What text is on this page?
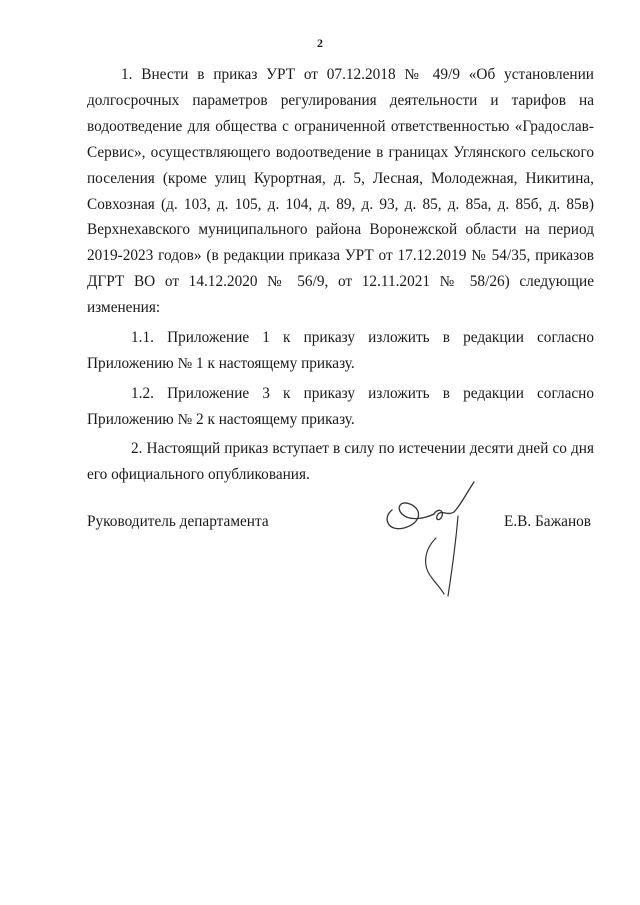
2

1. Внести в приказ УРТ от 07.12.2018 № 49/9 «Об установлении долгосрочных параметров регулирования деятельности и тарифов на водоотведение для общества с ограниченной ответственностью «Градослав-Сервис», осуществляющего водоотведение в границах Углянского сельского поселения (кроме улиц Курортная, д. 5, Лесная, Молодежная, Никитина, Совхозная (д. 103, д. 105, д. 104, д. 89, д. 93, д. 85, д. 85а, д. 85б, д. 85в) Верхнехавского муниципального района Воронежской области на период 2019-2023 годов» (в редакции приказа УРТ от 17.12.2019 № 54/35, приказов ДГРТ ВО от 14.12.2020 № 56/9, от 12.11.2021 № 58/26) следующие изменения:

1.1. Приложение 1 к приказу изложить в редакции согласно Приложению № 1 к настоящему приказу.

1.2. Приложение 3 к приказу изложить в редакции согласно Приложению № 2 к настоящему приказу.

2. Настоящий приказ вступает в силу по истечении десяти дней со дня его официального опубликования.

Руководитель департамента	Е.В. Бажанов
